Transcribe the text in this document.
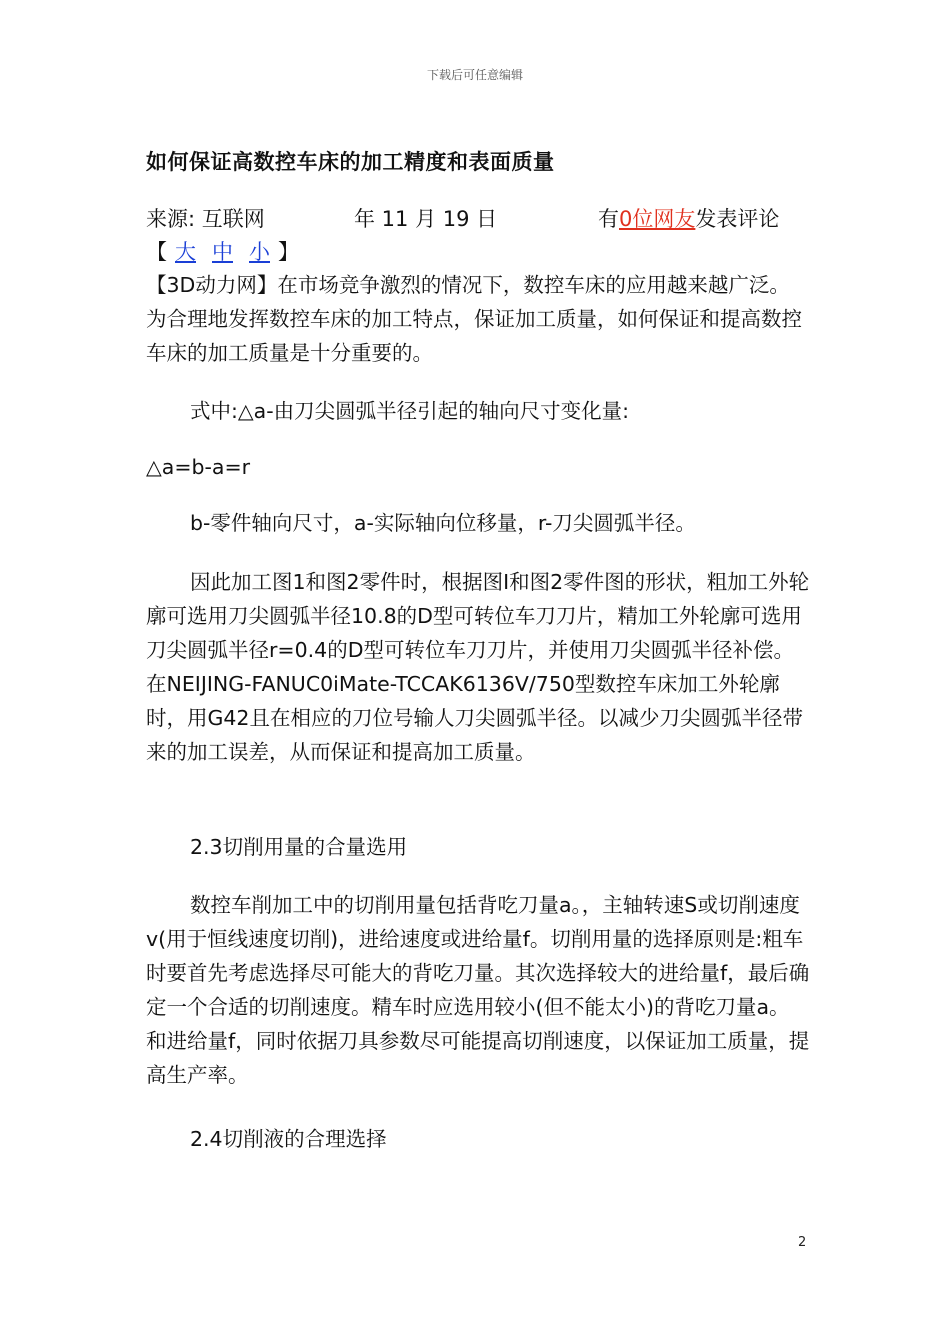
下载后可任意编辑
如何保证高数控车床的加工精度和表面质量
来源: 互联网	年 11 月 19 日	有0位网友发表评论
【 大 中 小 】
【3D动力网】在市场竞争激烈的情况下，数控车床的应用越来越广泛。为合理地发挥数控车床的加工特点，保证加工质量，如何保证和提高数控车床的加工质量是十分重要的。
式中:△a-由刀尖圆弧半径引起的轴向尺寸变化量:
△a=b-a=r
b-零件轴向尺寸，a-实际轴向位移量，r-刀尖圆弧半径。
因此加工图1和图2零件时，根据图I和图2零件图的形状，粗加工外轮廓可选用刀尖圆弧半径10.8的D型可转位车刀刀片，精加工外轮廓可选用刀尖圆弧半径r=0.4的D型可转位车刀刀片，并使用刀尖圆弧半径补偿。在NEIJING-FANUC0iMate-TCCAK6136V/750型数控车床加工外轮廓时，用G42且在相应的刀位号输人刀尖圆弧半径。以减少刀尖圆弧半径带来的加工误差，从而保证和提高加工质量。
2.3切削用量的合量选用
数控车削加工中的切削用量包括背吃刀量a。，主轴转速S或切削速度v(用于恒线速度切削)，进给速度或进给量f。切削用量的选择原则是:粗车时要首先考虑选择尽可能大的背吃刀量。其次选择较大的进给量f，最后确定一个合适的切削速度。精车时应选用较小(但不能太小)的背吃刀量a。和进给量f，同时依据刀具参数尽可能提高切削速度，以保证加工质量，提高生产率。
2.4切削液的合理选择
2
